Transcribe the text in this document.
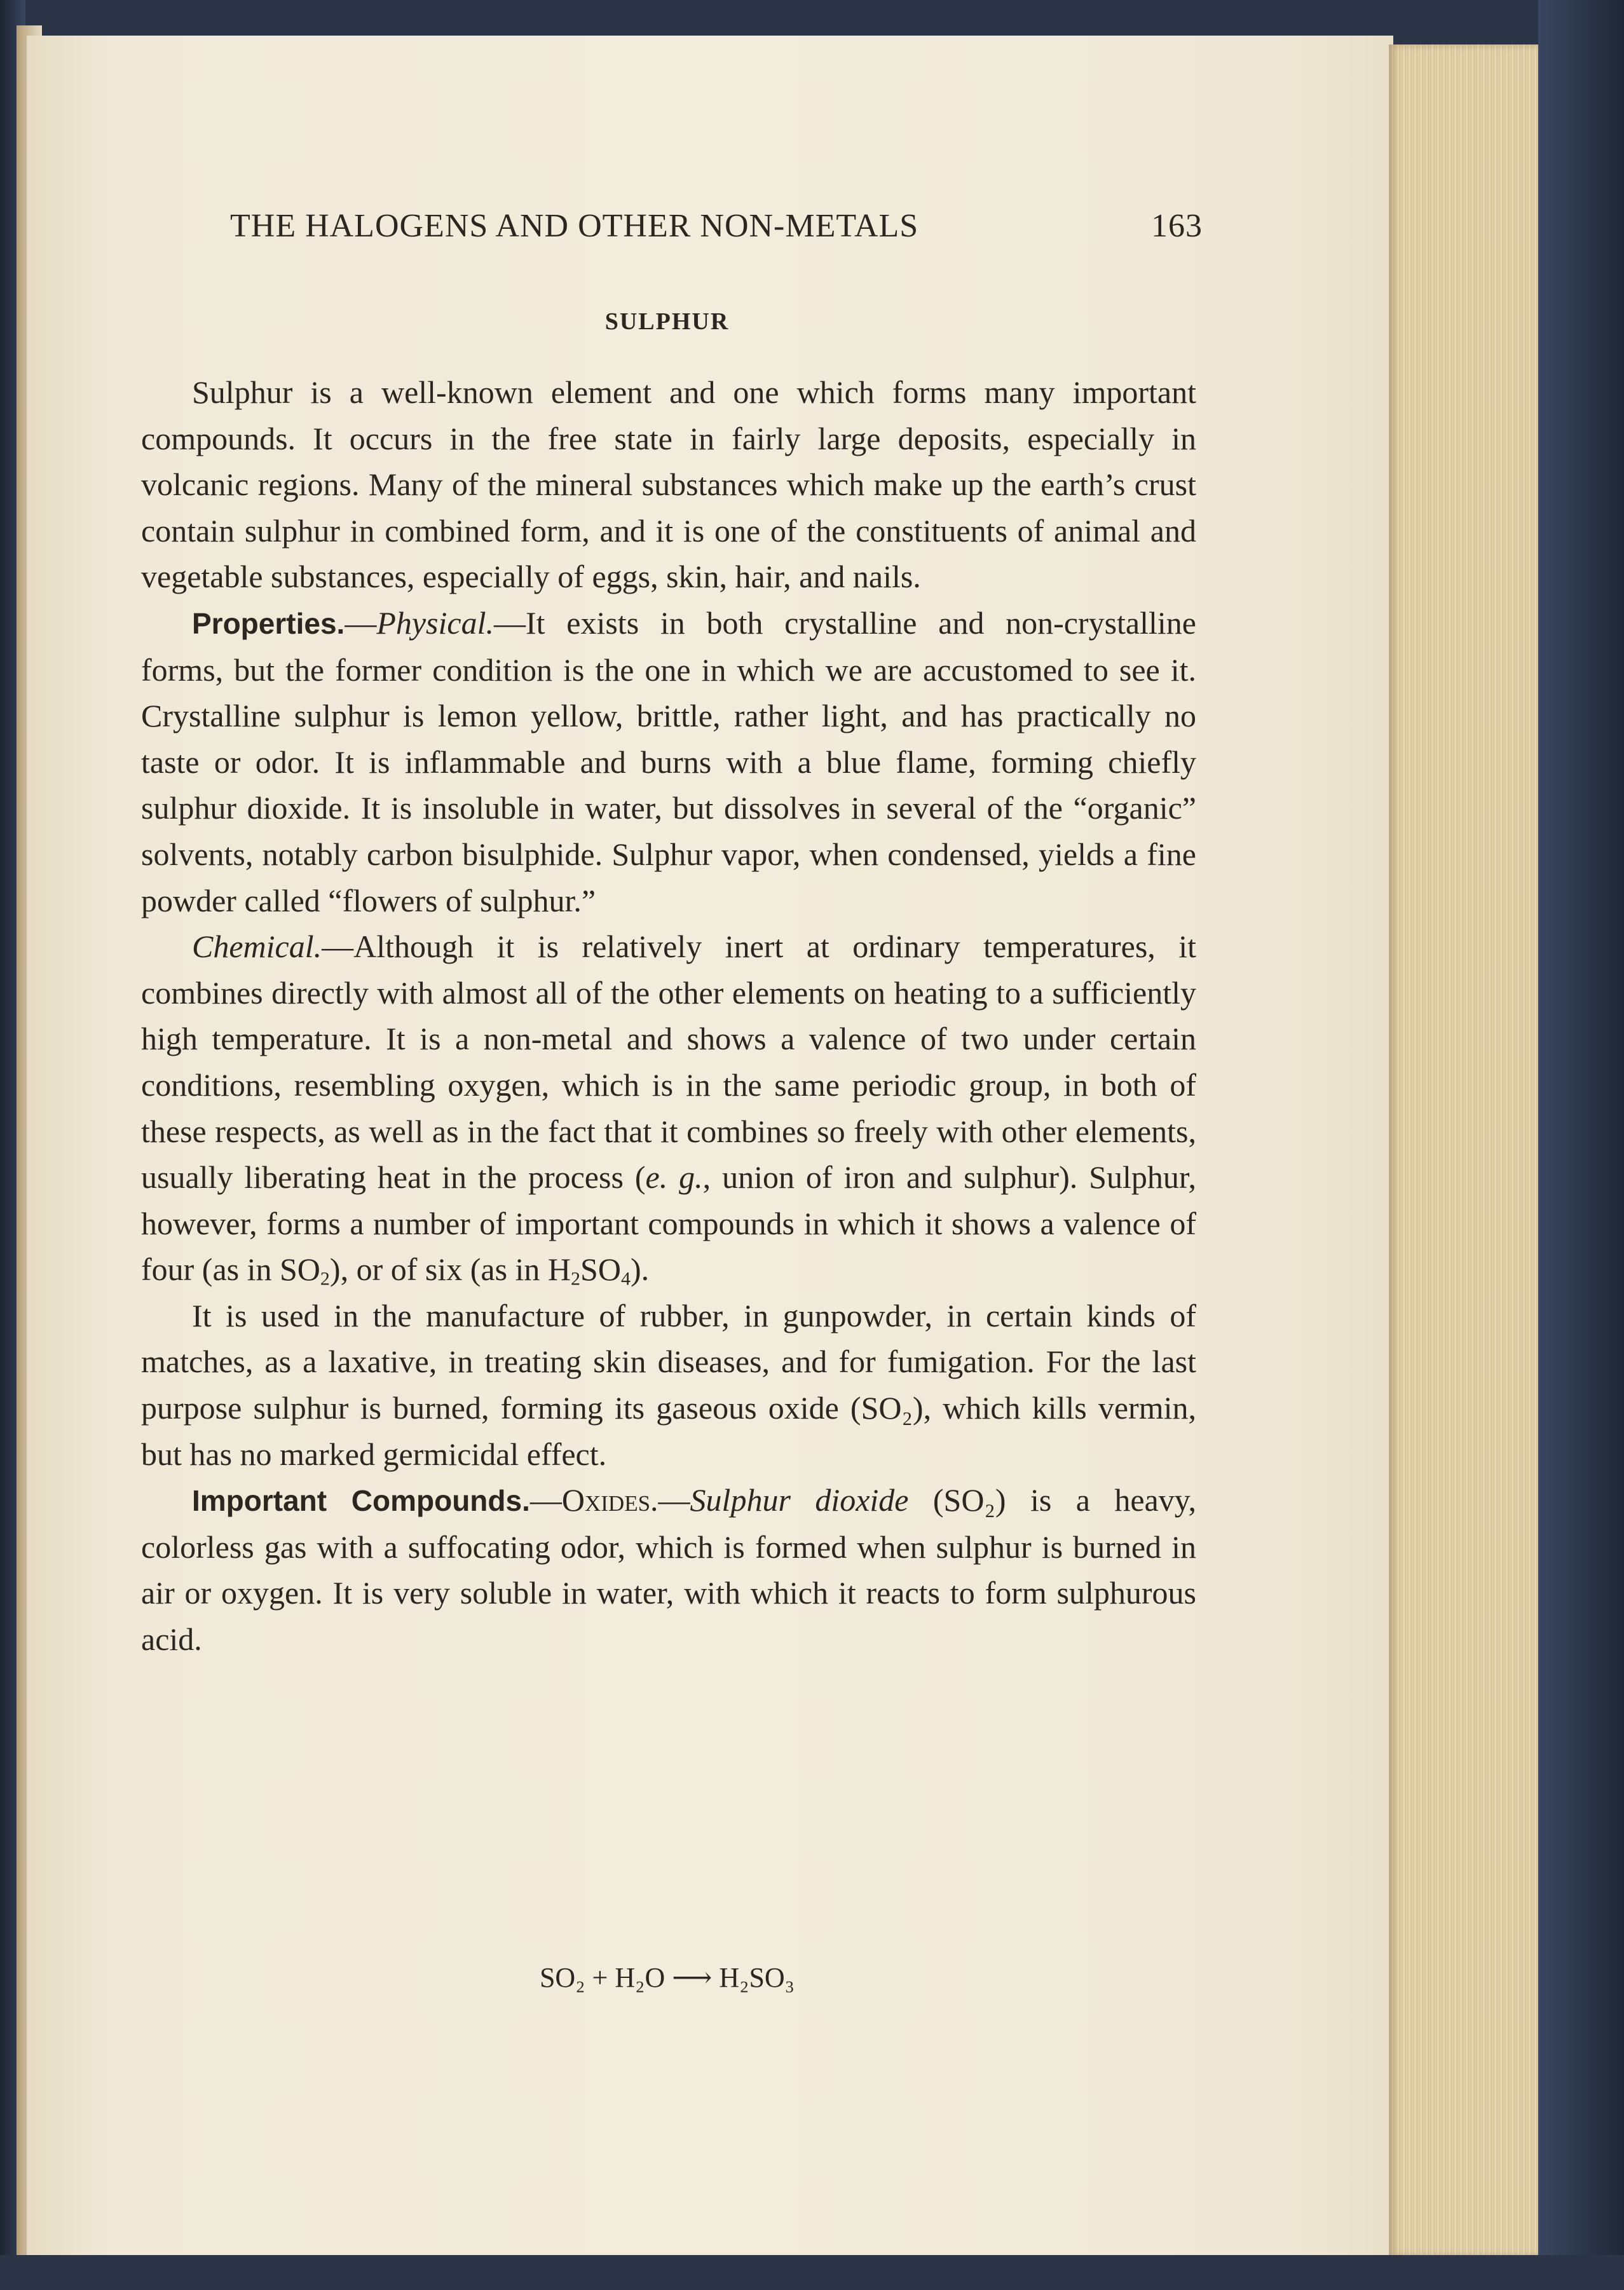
THE HALOGENS AND OTHER NON-METALS	163
SULPHUR

Sulphur is a well-known element and one which forms many important compounds. It occurs in the free state in fairly large deposits, especially in volcanic regions. Many of the mineral substances which make up the earth’s crust contain sulphur in combined form, and it is one of the constituents of animal and vegetable substances, especially of eggs, skin, hair, and nails.

Properties.—Physical.—It exists in both crystalline and non-crystalline forms, but the former condition is the one in which we are accustomed to see it. Crystalline sulphur is lemon yellow, brittle, rather light, and has practically no taste or odor. It is inflammable and burns with a blue flame, forming chiefly sulphur dioxide. It is insoluble in water, but dissolves in several of the “organic” solvents, notably carbon bisulphide. Sulphur vapor, when condensed, yields a fine powder called “flowers of sulphur.”

Chemical.—Although it is relatively inert at ordinary temperatures, it combines directly with almost all of the other elements on heating to a sufficiently high temperature. It is a non-metal and shows a valence of two under certain conditions, resembling oxygen, which is in the same periodic group, in both of these respects, as well as in the fact that it combines so freely with other elements, usually liberating heat in the process (e. g., union of iron and sulphur). Sulphur, however, forms a number of important compounds in which it shows a valence of four (as in $SO_2$), or of six (as in $H_2SO_4$).

It is used in the manufacture of rubber, in gunpowder, in certain kinds of matches, as a laxative, in treating skin diseases, and for fumigation. For the last purpose sulphur is burned, forming its gaseous oxide (SO₂), which kills vermin, but has no marked germicidal effect.

Important Compounds.—Oxides.—Sulphur dioxide (SO₂) is a heavy, colorless gas with a suffocating odor, which is formed when sulphur is burned in air or oxygen. It is very soluble in water, with which it reacts to form sulphurous acid.

SO₂ + H₂O ⟶ H₂SO₃
